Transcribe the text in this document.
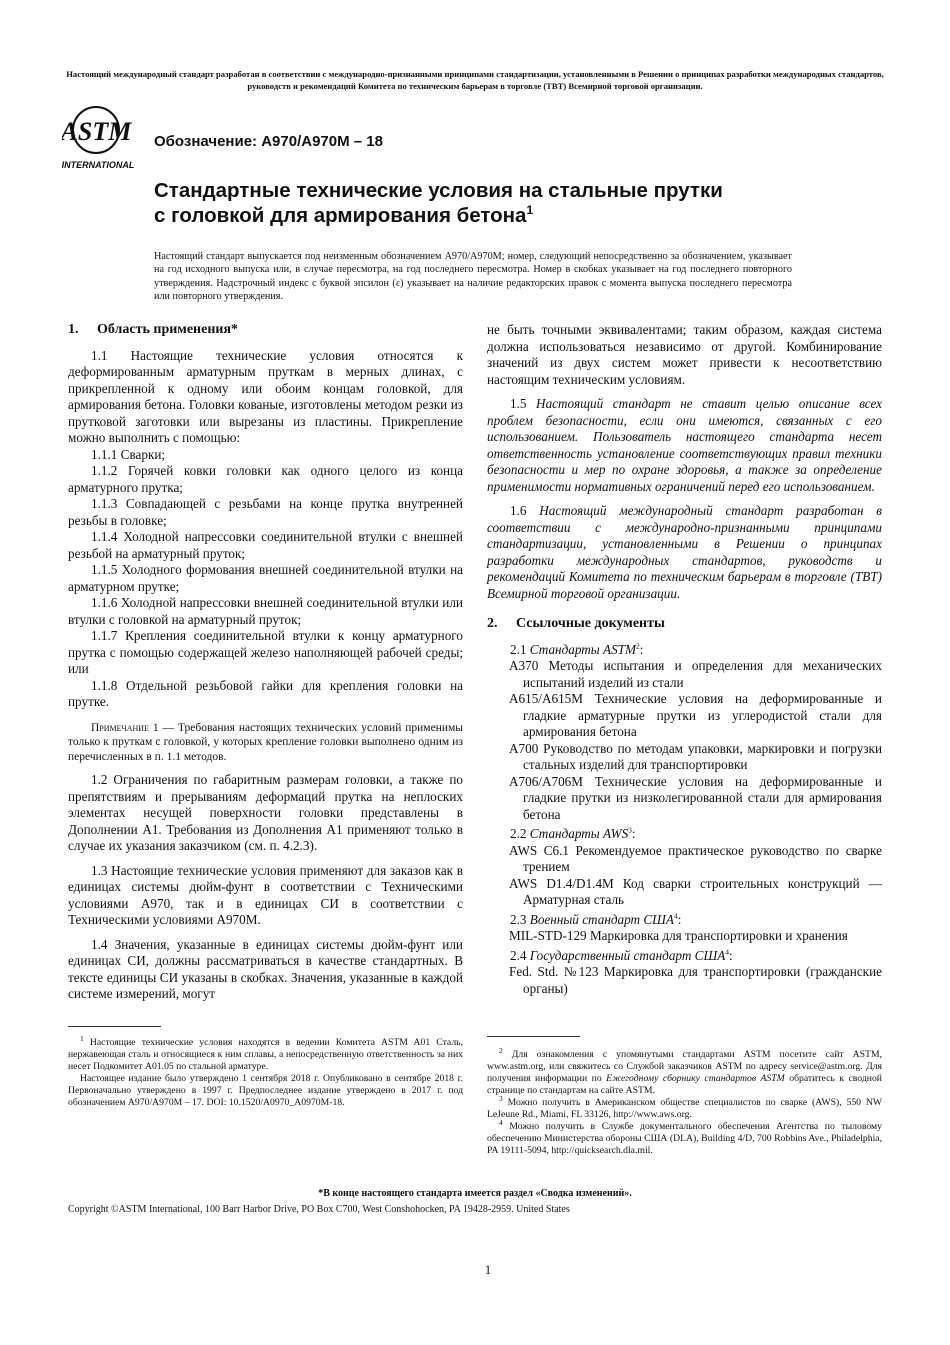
Настоящий международный стандарт разработан в соответствии с международно-признанными принципами стандартизации, установленными в Решении о принципах разработки международных стандартов, руководств и рекомендаций Комитета по техническим барьерам в торговле (TBT) Всемирной торговой организации.
ASTM
INTERNATIONAL
Обозначение: A970/A970M – 18
Стандартные технические условия на стальные прутки
с головкой для армирования бетона$^1$
Настоящий стандарт выпускается под неизменным обозначением A970/A970M; номер, следующий непосредственно за обозначением, указывает на год исходного выпуска или, в случае пересмотра, на год последнего пересмотра. Номер в скобках указывает на год последнего повторного утверждения. Надстрочный индекс с буквой эпсилон (ε) указывает на наличие редакторских правок с момента выпуска последнего пересмотра или повторного утверждения.

1. Область применения*

1.1 Настоящие технические условия относятся к деформированным арматурным пруткам в мерных длинах, с прикрепленной к одному или обоим концам головкой, для армирования бетона. Головки кованые, изготовлены методом резки из прутковой заготовки или вырезаны из пластины. Прикрепление можно выполнить с помощью:

1.1.1 Сварки;

1.1.2 Горячей ковки головки как одного целого из конца арматурного прутка;

1.1.3 Совпадающей с резьбами на конце прутка внутренней резьбы в головке;

1.1.4 Холодной напрессовки соединительной втулки с внешней резьбой на арматурный пруток;

1.1.5 Холодного формования внешней соединительной втулки на арматурном прутке;

1.1.6 Холодной напрессовки внешней соединительной втулки или втулки с головкой на арматурный пруток;

1.1.7 Крепления соединительной втулки к концу арматурного прутка с помощью содержащей железо наполняющей рабочей среды; или

1.1.8 Отдельной резьбовой гайки для крепления головки на прутке.

Примечание 1 — Требования настоящих технических условий применимы только к пруткам с головкой, у которых крепление головки выполнено одним из перечисленных в п. 1.1 методов.

1.2 Ограничения по габаритным размерам головки, а также по препятствиям и прерываниям деформаций прутка на неплоских элементах несущей поверхности головки представлены в Дополнении A1. Требования из Дополнения A1 применяют только в случае их указания заказчиком (см. п. 4.2.3).

1.3 Настоящие технические условия применяют для заказов как в единицах системы дюйм-фунт в соответствии с Техническими условиями A970, так и в единицах СИ в соответствии с Техническими условиями A970M.

1.4 Значения, указанные в единицах системы дюйм-фунт или единицах СИ, должны рассматриваться в качестве стандартных. В тексте единицы СИ указаны в скобках. Значения, указанные в каждой системе измерений, могут

$^1$ Настоящие технические условия находятся в ведении Комитета ASTM A01 Сталь, нержавеющая сталь и относящиеся к ним сплавы, а непосредственную ответственность за них несет Подкомитет A01.05 по стальной арматуре.

Настоящее издание было утверждено 1 сентября 2018 г. Опубликовано в сентябре 2018 г. Первоначально утверждено в 1997 г. Предпоследнее издание утверждено в 2017 г. под обозначением A970/A970M – 17. DOI: 10.1520/A0970_A0970M-18.

не быть точными эквивалентами; таким образом, каждая система должна использоваться независимо от другой. Комбинирование значений из двух систем может привести к несоответствию настоящим техническим условиям.

1.5 Настоящий стандарт не ставит целью описание всех проблем безопасности, если они имеются, связанных с его использованием. Пользователь настоящего стандарта несет ответственность установление соответствующих правил техники безопасности и мер по охране здоровья, а также за определение применимости нормативных ограничений перед его использованием.

1.6 Настоящий международный стандарт разработан в соответствии с международно-признанными принципами стандартизации, установленными в Решении о принципах разработки международных стандартов, руководств и рекомендаций Комитета по техническим барьерам в торговле (TBT) Всемирной торговой организации.

2. Ссылочные документы

2.1 Стандарты ASTM$^2$:

A370 Методы испытания и определения для механических испытаний изделий из стали

A615/A615M Технические условия на деформированные и гладкие арматурные прутки из углеродистой стали для армирования бетона

A700 Руководство по методам упаковки, маркировки и погрузки стальных изделий для транспортировки

A706/A706M Технические условия на деформированные и гладкие прутки из низколегированной стали для армирования бетона

2.2 Стандарты AWS$^3$:

AWS C6.1 Рекомендуемое практическое руководство по сварке трением

AWS D1.4/D1.4M Код сварки строительных конструкций — Арматурная сталь

2.3 Военный стандарт США$^4$:

MIL-STD-129 Маркировка для транспортировки и хранения

2.4 Государственный стандарт США$^4$:

Fed. Std. №123 Маркировка для транспортировки (гражданские органы)

$^2$ Для ознакомления с упомянутыми стандартами ASTM посетите сайт ASTM, www.astm.org, или свяжитесь со Службой заказчиков ASTM по адресу service@astm.org. Для получения информации по Ежегодному сборнику стандартов ASTM обратитесь к сводной странице по стандартам на сайте ASTM.

$^3$ Можно получить в Американском обществе специалистов по сварке (AWS), 550 NW LeJeune Rd., Miami, FL 33126, http://www.aws.org.

$^4$ Можно получить в Службе документального обеспечения Агентства по тыловому обеспечению Министерства обороны США (DLA), Building 4/D, 700 Robbins Ave., Philadelphia, PA 19111-5094, http://quicksearch.dla.mil.

*В конце настоящего стандарта имеется раздел «Сводка изменений».
Copyright ©ASTM International, 100 Barr Harbor Drive, PO Box C700, West Conshohocken, PA 19428-2959. United States
1
